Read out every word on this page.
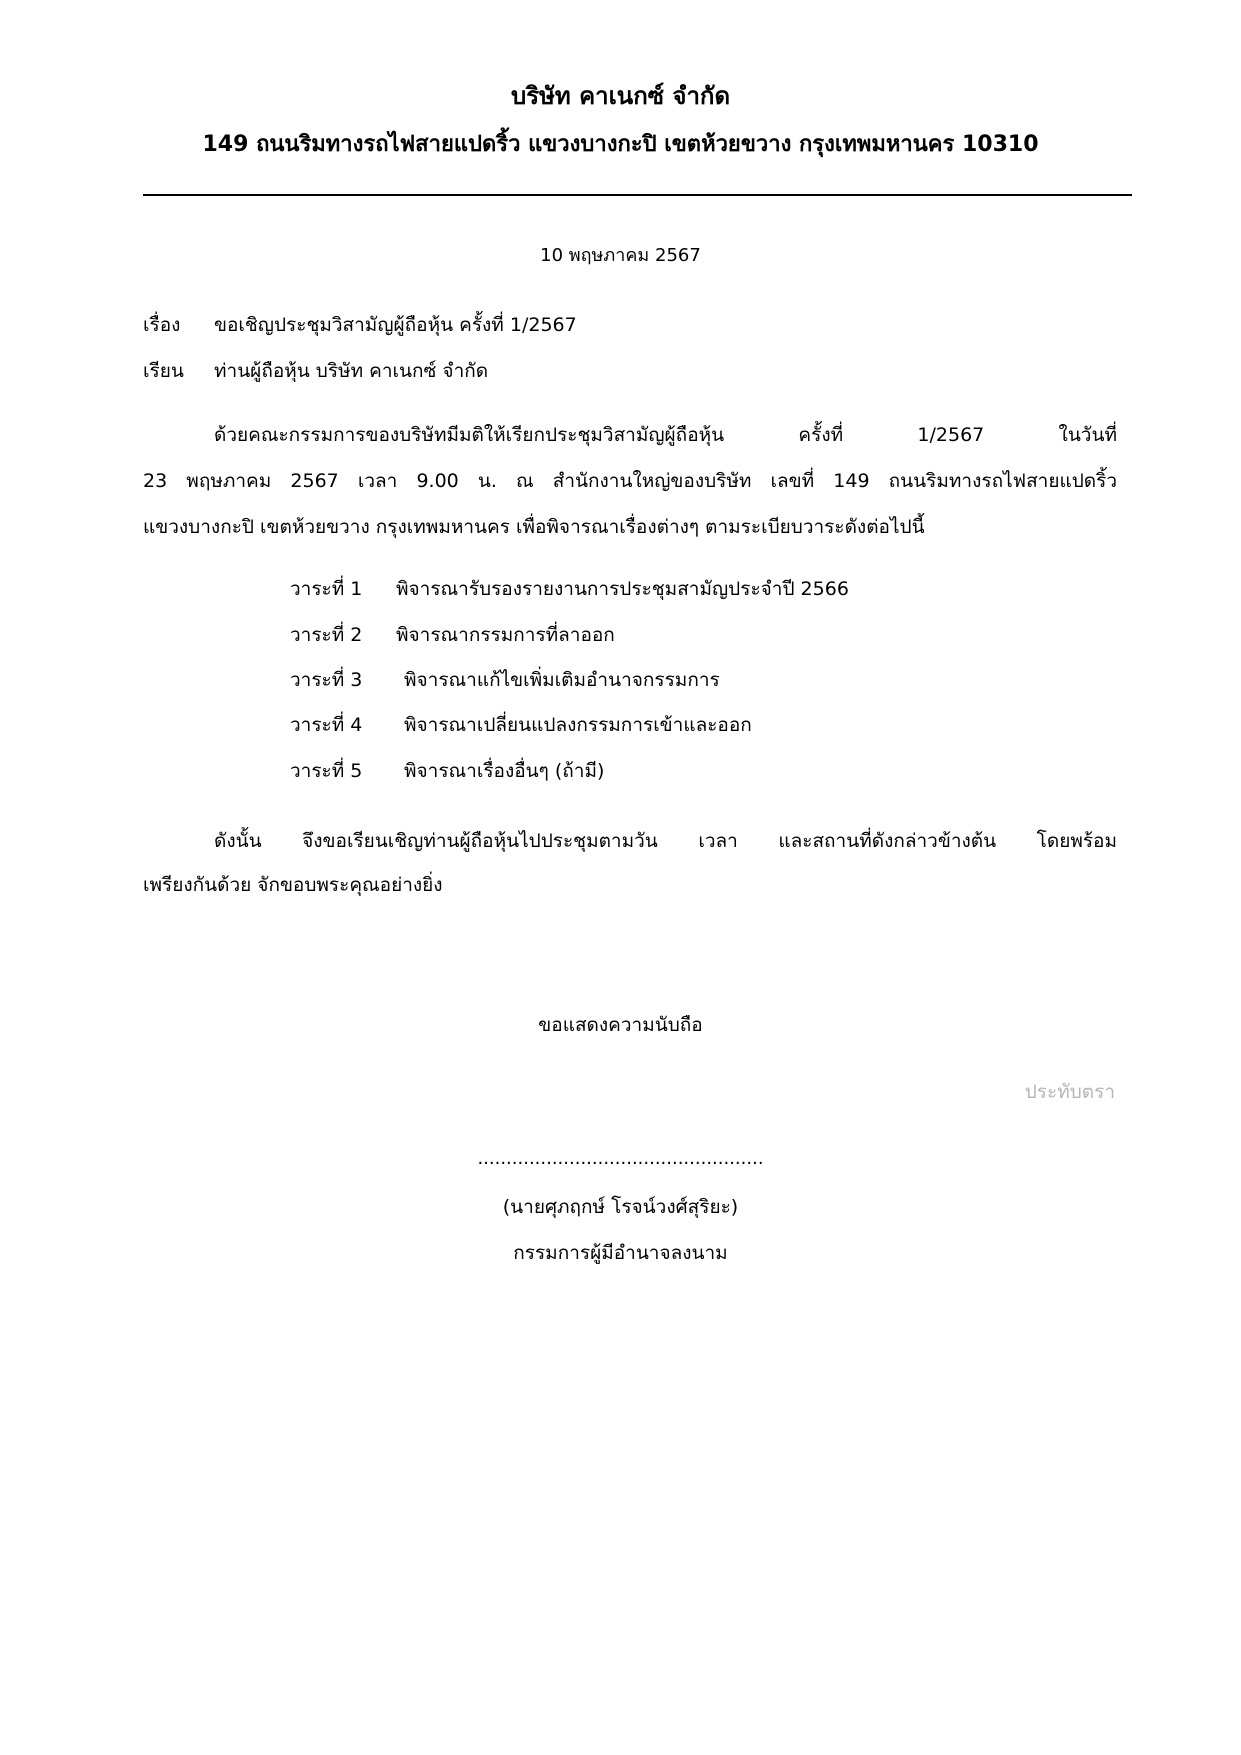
บริษัท คาเนกซ์ จำกัด
149 ถนนริมทางรถไฟสายแปดริ้ว แขวงบางกะปิ เขตห้วยขวาง กรุงเทพมหานคร 10310
10 พฤษภาคม 2567
เรื่อง ขอเชิญประชุมวิสามัญผู้ถือหุ้น ครั้งที่ 1/2567
เรียน ท่านผู้ถือหุ้น บริษัท คาเนกซ์ จำกัด
ด้วยคณะกรรมการของบริษัทมีมติให้เรียกประชุมวิสามัญผู้ถือหุ้น ครั้งที่ 1/2567 ในวันที่
23 พฤษภาคม 2567 เวลา 9.00 น. ณ สำนักงานใหญ่ของบริษัท เลขที่ 149 ถนนริมทางรถไฟสายแปดริ้ว
แขวงบางกะปิ เขตห้วยขวาง กรุงเทพมหานคร เพื่อพิจารณาเรื่องต่างๆ ตามระเบียบวาระดังต่อไปนี้
วาระที่ 1 พิจารณารับรองรายงานการประชุมสามัญประจำปี 2566
วาระที่ 2 พิจารณากรรมการที่ลาออก
วาระที่ 3 พิจารณาแก้ไขเพิ่มเติมอำนาจกรรมการ
วาระที่ 4 พิจารณาเปลี่ยนแปลงกรรมการเข้าและออก
วาระที่ 5 พิจารณาเรื่องอื่นๆ (ถ้ามี)
ดังนั้น จึงขอเรียนเชิญท่านผู้ถือหุ้นไปประชุมตามวัน เวลา และสถานที่ดังกล่าวข้างต้น โดยพร้อม
เพรียงกันด้วย จักขอบพระคุณอย่างยิ่ง
ขอแสดงความนับถือ
ประทับตรา
..................................................
(นายศุภฤกษ์ โรจน์วงศ์สุริยะ)
กรรมการผู้มีอำนาจลงนาม
